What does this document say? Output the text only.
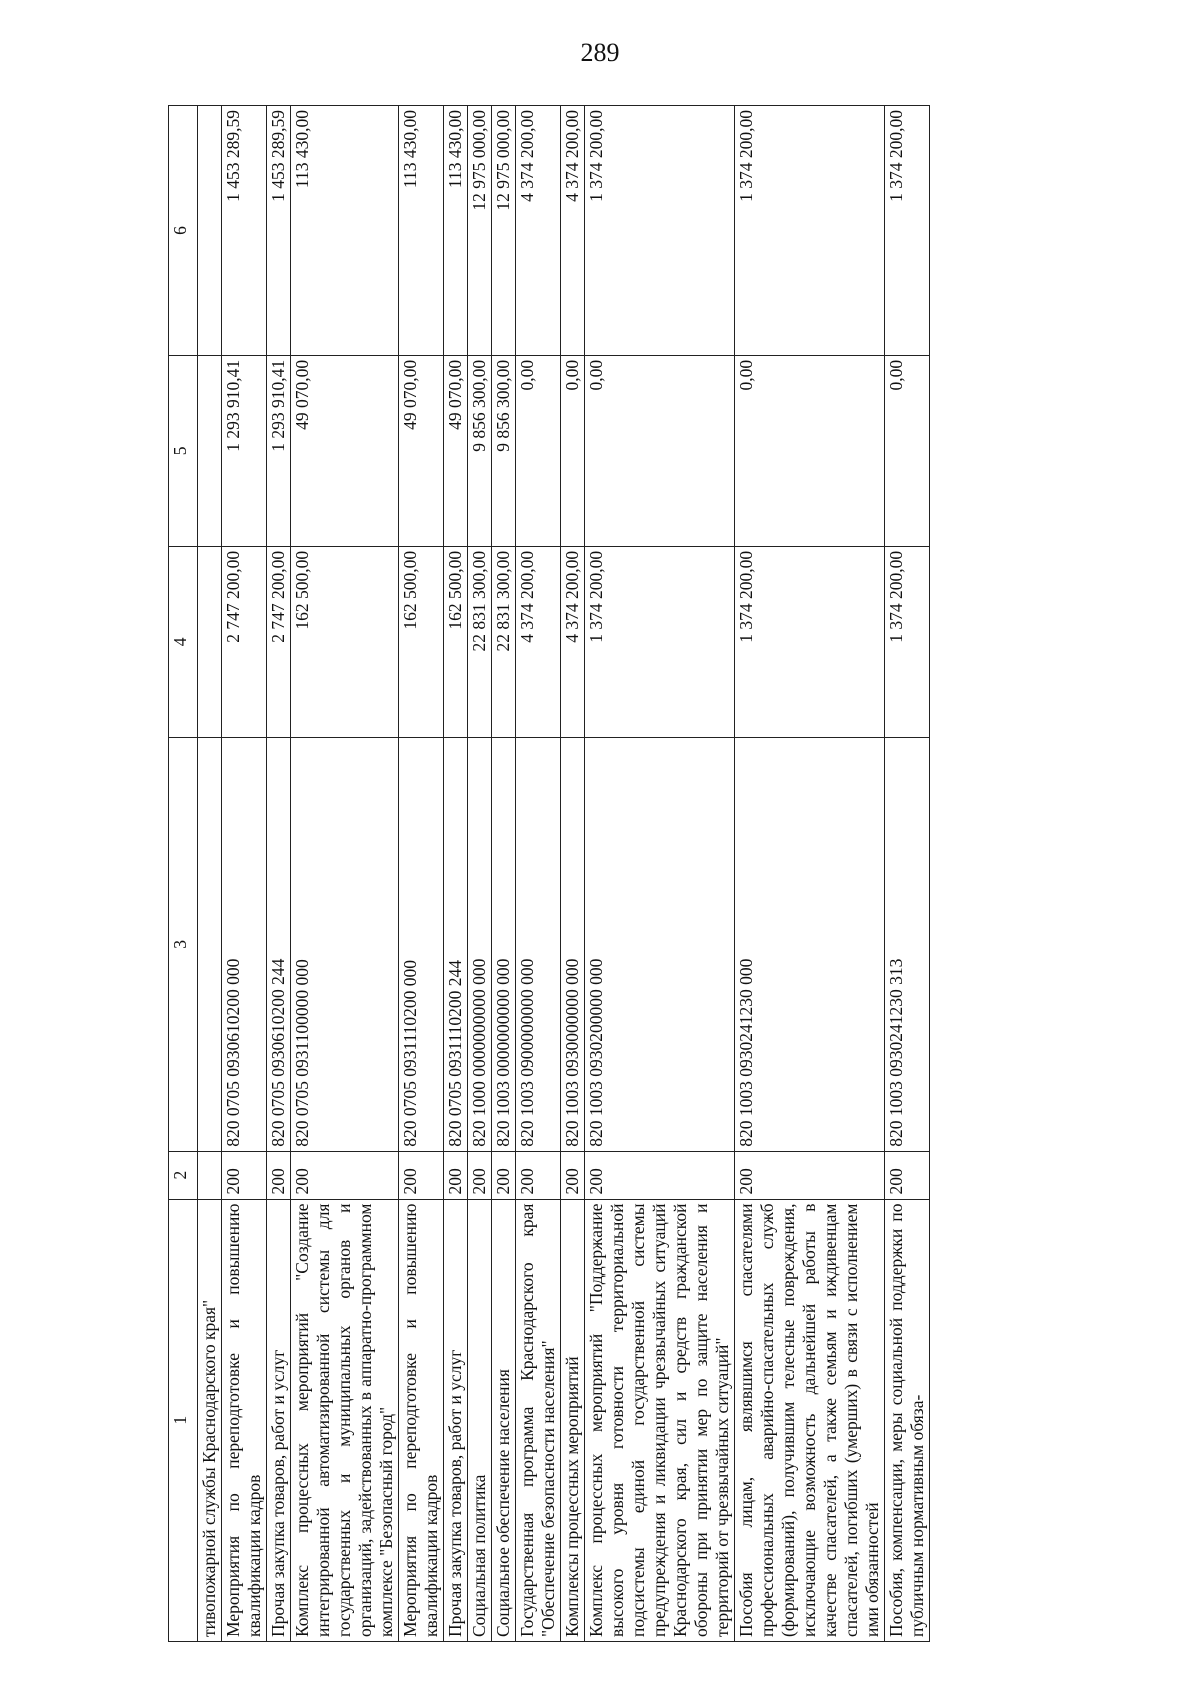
289
1	2	3	4	5	6
тивопожарной службы Краснодарского края"					
Мероприятия по переподготовке и повышению квалификации кадров	200	820 0705 0930610200 000	2 747 200,00	1 293 910,41	1 453 289,59
Прочая закупка товаров, работ и услуг	200	820 0705 0930610200 244	2 747 200,00	1 293 910,41	1 453 289,59
Комплекс процессных мероприятий "Создание интегрированной автоматизированной системы для государственных и муниципальных органов и организаций, задействованных в аппаратно-программном комплексе "Безопасный город"	200	820 0705 0931100000 000	162 500,00	49 070,00	113 430,00
Мероприятия по переподготовке и повышению квалификации кадров	200	820 0705 0931110200 000	162 500,00	49 070,00	113 430,00
Прочая закупка товаров, работ и услуг	200	820 0705 0931110200 244	162 500,00	49 070,00	113 430,00
Социальная политика	200	820 1000 0000000000 000	22 831 300,00	9 856 300,00	12 975 000,00
Социальное обеспечение населения	200	820 1003 0000000000 000	22 831 300,00	9 856 300,00	12 975 000,00
Государственная программа Краснодарского края "Обеспечение безопасности населения"	200	820 1003 0900000000 000	4 374 200,00	0,00	4 374 200,00
Комплексы процессных мероприятий	200	820 1003 0930000000 000	4 374 200,00	0,00	4 374 200,00
Комплекс процессных мероприятий "Поддержание высокого уровня готовности территориальной подсистемы единой государственной системы предупреждения и ликвидации чрезвычайных ситуаций Краснодарского края, сил и средств гражданской обороны при принятии мер по защите населения и территорий от чрезвычайных ситуаций"	200	820 1003 0930200000 000	1 374 200,00	0,00	1 374 200,00
Пособия лицам, являвшимся спасателями профессиональных аварийно-спасательных служб (формирований), получившим телесные повреждения, исключающие возможность дальнейшей работы в качестве спасателей, а также семьям и иждивенцам спасателей, погибших (умерших) в связи с исполнением ими обязанностей	200	820 1003 0930241230 000	1 374 200,00	0,00	1 374 200,00
Пособия, компенсации, меры социальной поддержки по публичным нормативным обяза-	200	820 1003 0930241230 313	1 374 200,00	0,00	1 374 200,00
